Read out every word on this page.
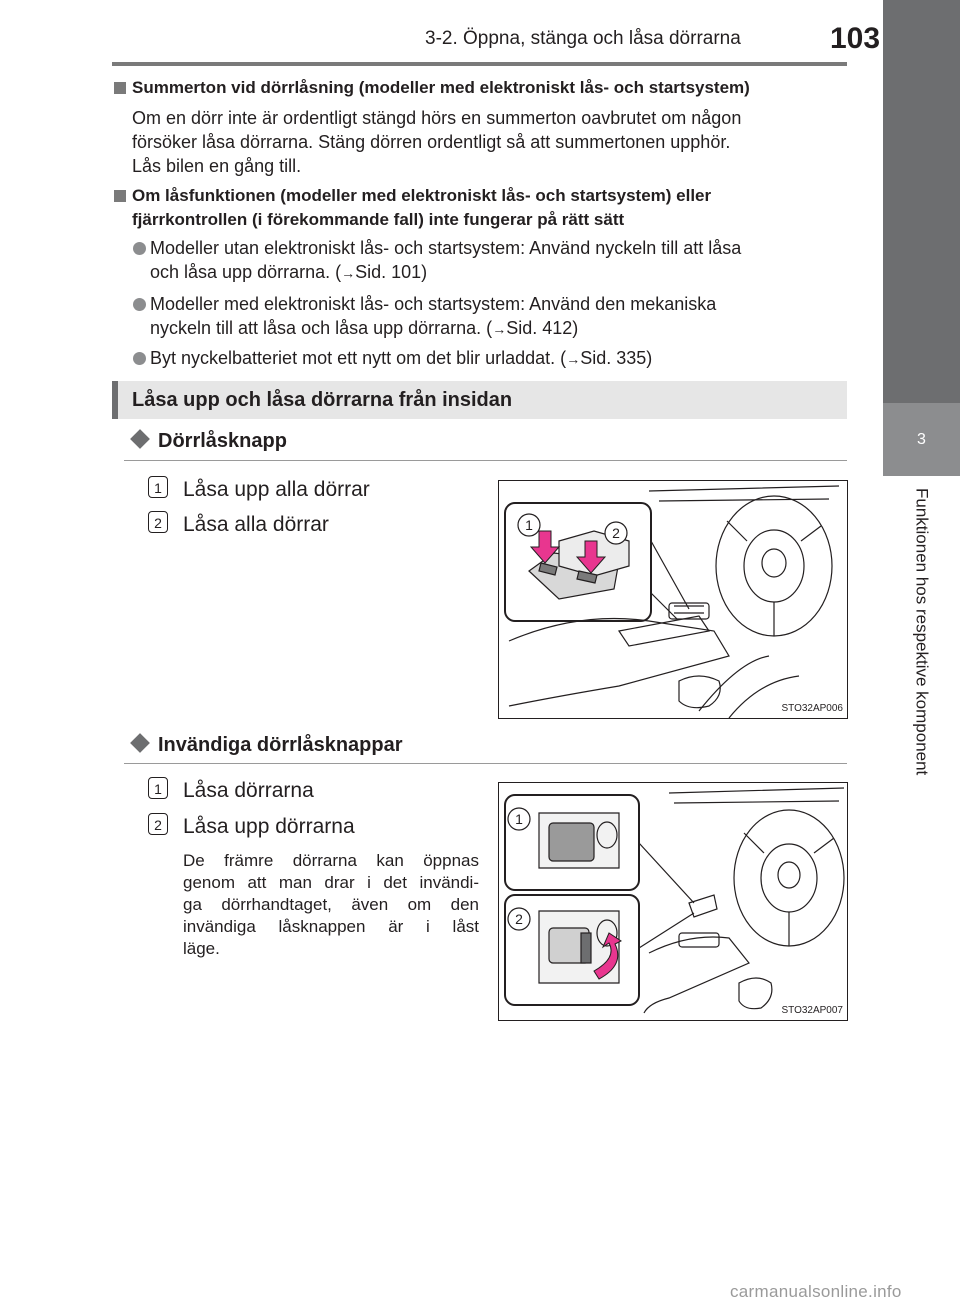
3-2. Öppna, stänga och låsa dörrarna	103
3
Funktionen hos respektive komponent
Summerton vid dörrlåsning (modeller med elektroniskt lås- och startsystem)
Om en dörr inte är ordentligt stängd hörs en summerton oavbrutet om någon
försöker låsa dörrarna. Stäng dörren ordentligt så att summertonen upphör.
Lås bilen en gång till.
Om låsfunktionen (modeller med elektroniskt lås- och startsystem) eller
fjärrkontrollen (i förekommande fall) inte fungerar på rätt sätt
Modeller utan elektroniskt lås- och startsystem: Använd nyckeln till att låsa
och låsa upp dörrarna. (→Sid. 101)
Modeller med elektroniskt lås- och startsystem: Använd den mekaniska
nyckeln till att låsa och låsa upp dörrarna. (→Sid. 412)
Byt nyckelbatteriet mot ett nytt om det blir urladdat. (→Sid. 335)
Låsa upp och låsa dörrarna från insidan
Dörrlåsknapp
1 Låsa upp alla dörrar
2 Låsa alla dörrar	1	2
STO32AP006
Invändiga dörrlåsknappar
1 Låsa dörrarna
2 Låsa upp dörrarna
De främre dörrarna kan öppnas
genom att man drar i det invändi-
ga dörrhandtaget, även om den
invändiga låsknappen är i låst
läge.
1
2
STO32AP007
carmanualsonline.info
